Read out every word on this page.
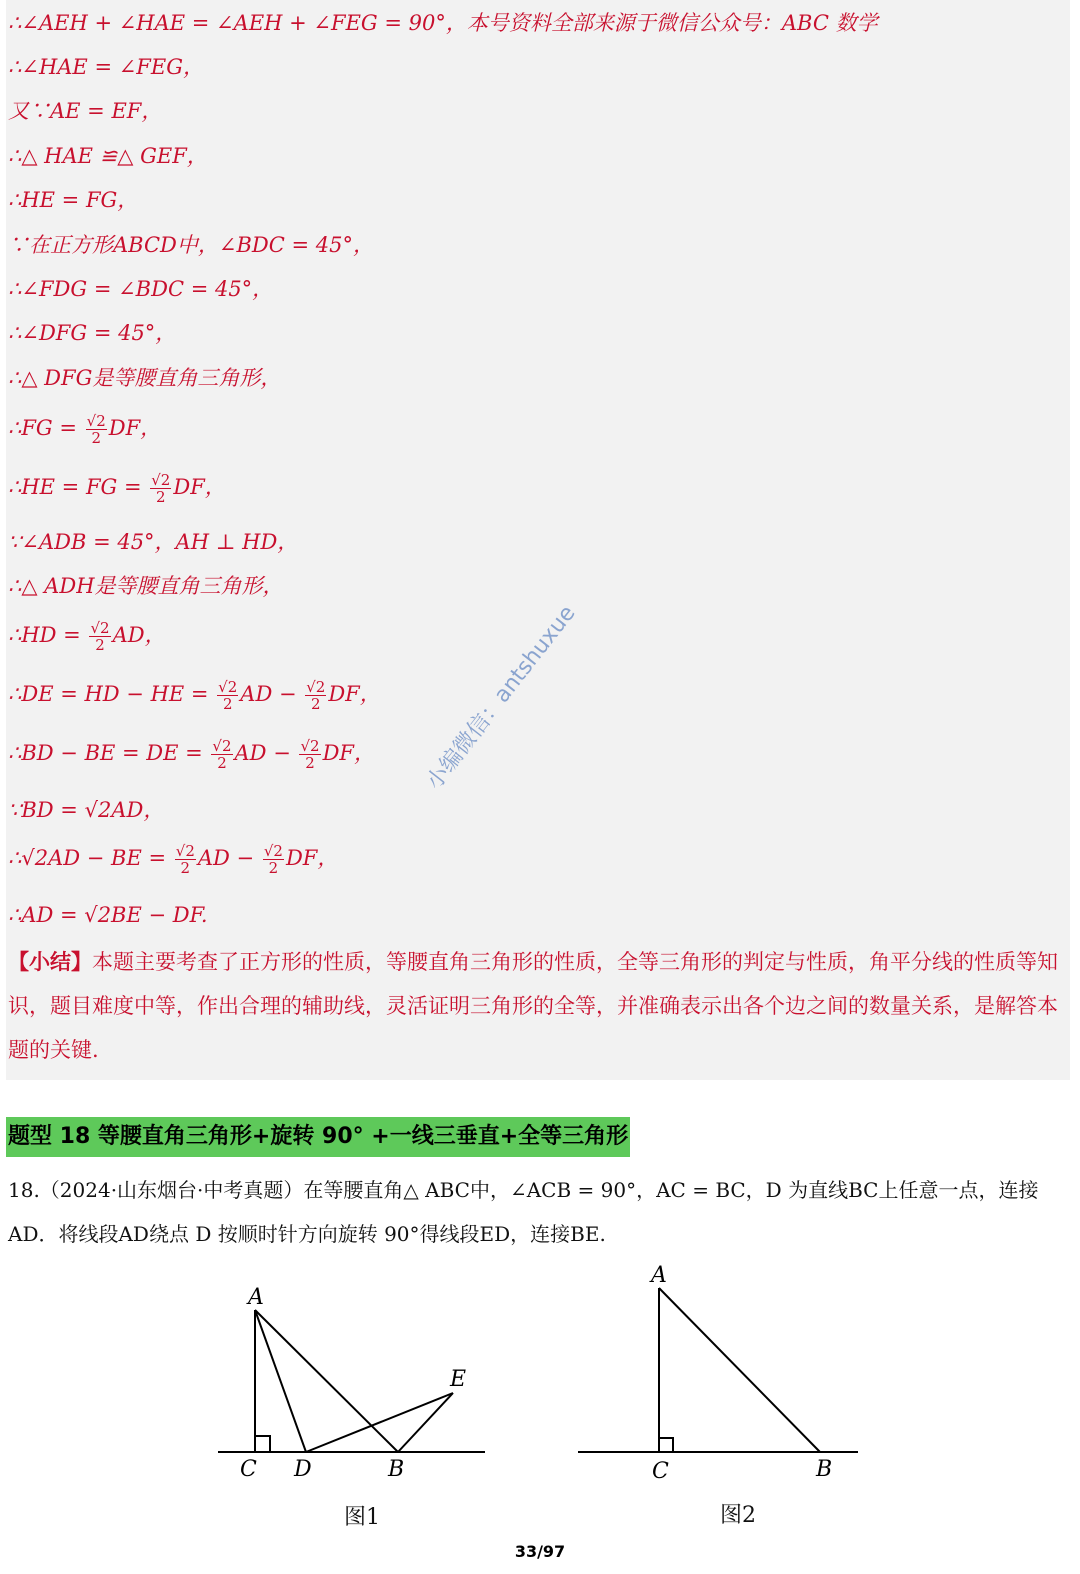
∴∠AEH + ∠HAE = ∠AEH + ∠FEG = 90°，本号资料全部来源于微信公众号：ABC 数学
∴∠HAE = ∠FEG，
又∵AE = EF，
∴△ HAE ≌△ GEF，
∴HE = FG，
∵在正方形ABCD中，∠BDC = 45°，
∴∠FDG = ∠BDC = 45°，
∴∠DFG = 45°，
∴△ DFG是等腰直角三角形，
∴FG = $\frac{√2}{2}$ DF，
∴HE = FG = $\frac{√2}{2}$ DF，
∵∠ADB = 45°，AH ⊥ HD，
∴△ ADH是等腰直角三角形，
∴HD = $\frac{√2}{2}$ AD，
∴DE = HD − HE = $\frac{√2}{2}$ AD − $\frac{√2}{2}$ DF，
∴BD − BE = DE = $\frac{√2}{2}$ AD − $\frac{√2}{2}$ DF，
∵BD = √2AD，
∴√2AD − BE = $\frac{√2}{2}$ AD − $\frac{√2}{2}$ DF，
∴AD = √2BE − DF.
小编微信：antshuxue
【小结】本题主要考查了正方形的性质，等腰直角三角形的性质，全等三角形的判定与性质，角平分线的性质等知识，题目难度中等，作出合理的辅助线，灵活证明三角形的全等，并准确表示出各个边之间的数量关系，是解答本题的关键.
题型 18 等腰直角三角形+旋转 90° +一线三垂直+全等三角形
18.（2024·山东烟台·中考真题）在等腰直角△ ABC中，∠ACB = 90°，AC = BC，D 为直线BC上任意一点，连接AD．将线段AD绕点 D 按顺时针方向旋转 90°得线段ED，连接BE.
A
C D	B
E
图1
A
C	B
图2
33/97
